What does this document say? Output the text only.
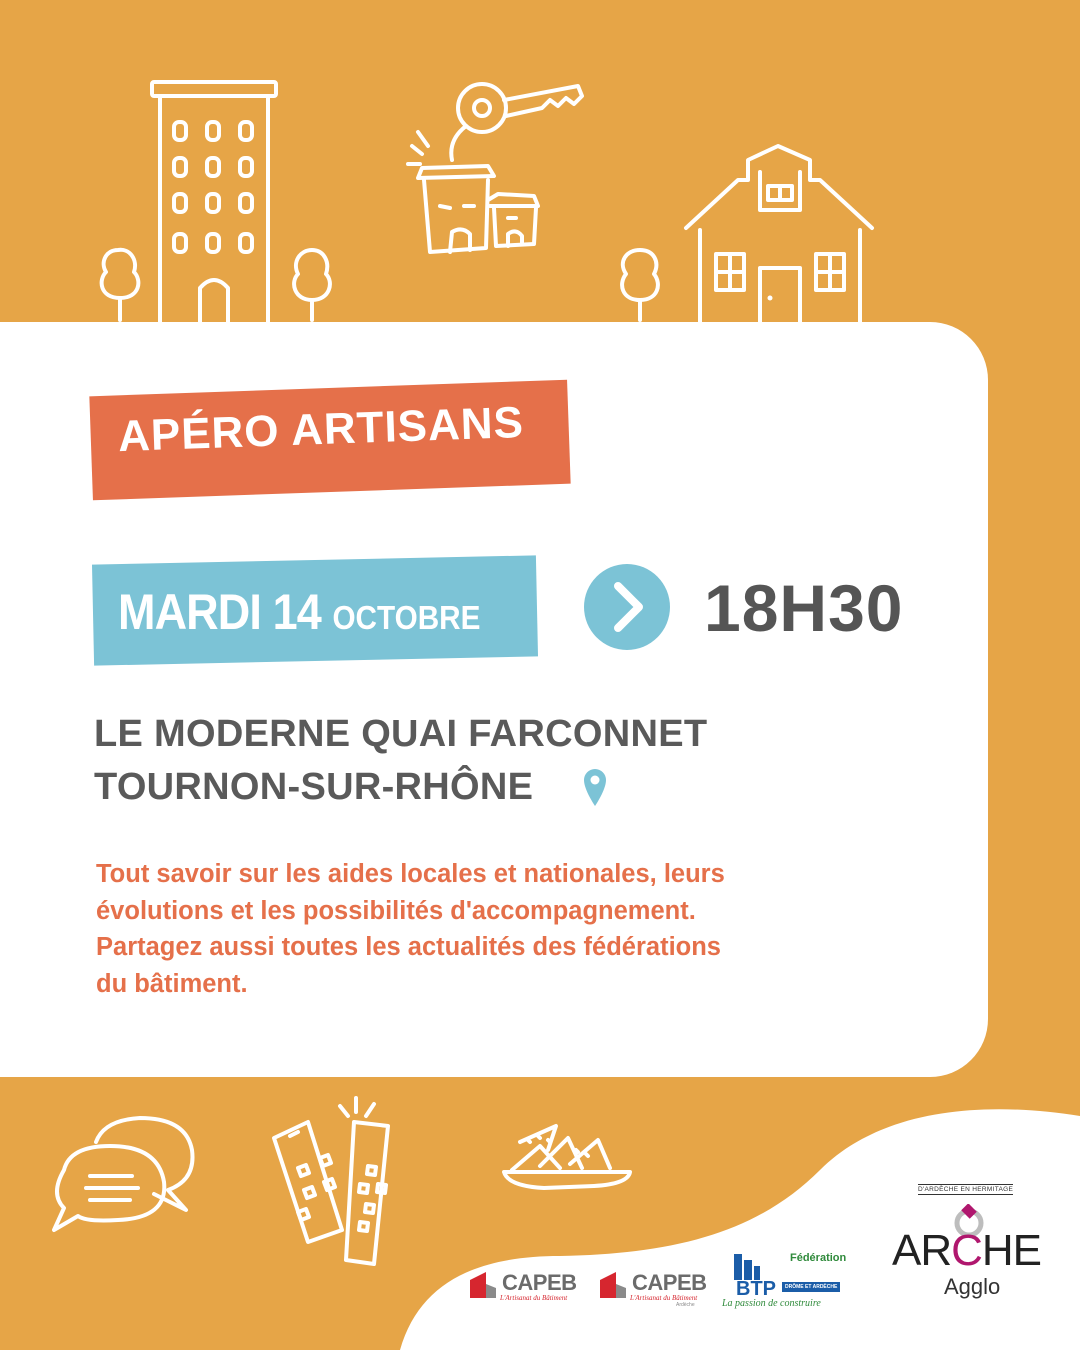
APÉRO ARTISANS
MARDI 14 OCTOBRE	18H30
LE MODERNE QUAI FARCONNET
TOURNON-SUR-RHÔNE

Tout savoir sur les aides locales et nationales, leurs

évolutions et les possibilités d'accompagnement.

Partagez aussi toutes les actualités des fédérations

du bâtiment.

CAPEB
L'Artisanat du Bâtiment
CAPEB
L'Artisanat du Bâtiment
Ardèche
Fédération
BTP	DRÔME ET ARDÈCHE
La passion de construire
D'ARDÈCHE EN HERMITAGE
ARCHE
Agglo
